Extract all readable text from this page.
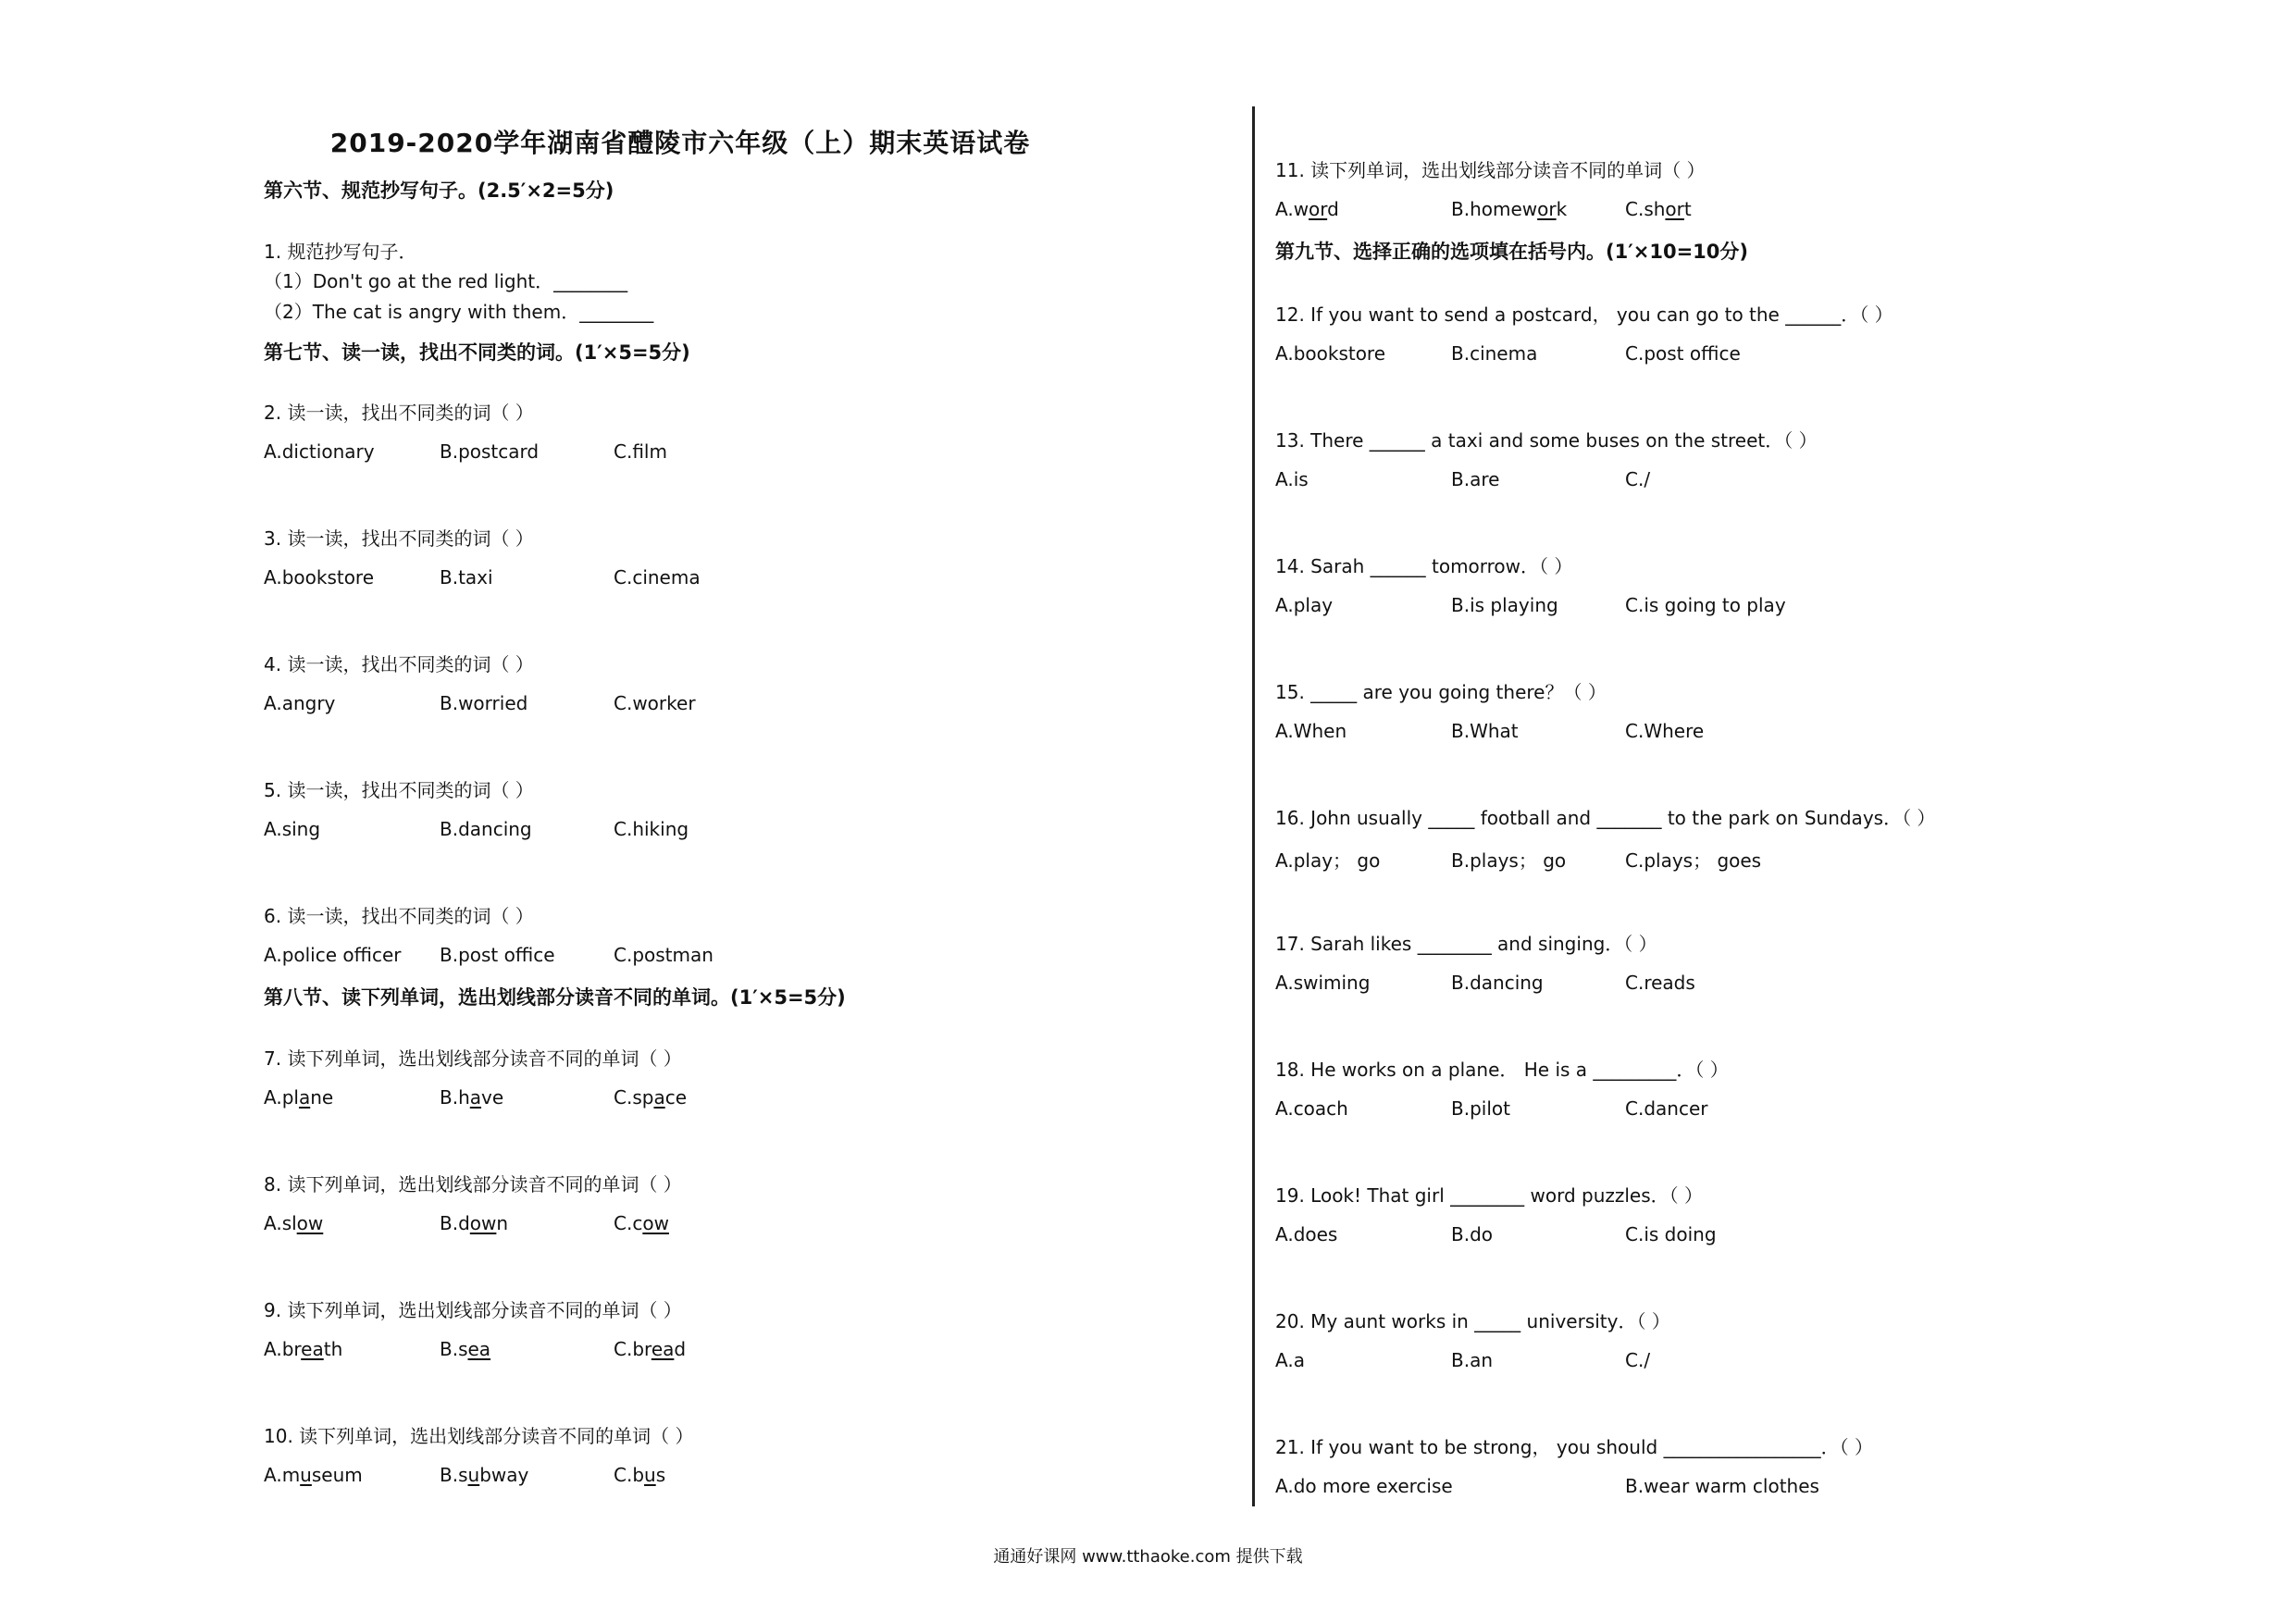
2019-2020学年湖南省醴陵市六年级（上）期末英语试卷
第六节、规范抄写句子。(2.5′×2=5分)
1. 规范抄写句子．
（1）Don't go at the red light．________
（2）The cat is angry with them．________
第七节、读一读，找出不同类的词。(1′×5=5分)
2. 读一读，找出不同类的词（ ）
A.dictionary	B.postcard	C.film
3. 读一读，找出不同类的词（ ）
A.bookstore	B.taxi	C.cinema
4. 读一读，找出不同类的词（ ）
A.angry	B.worried	C.worker
5. 读一读，找出不同类的词（ ）
A.sing	B.dancing	C.hiking
6. 读一读，找出不同类的词（ ）
A.police officer B.post office	C.postman
第八节、读下列单词，选出划线部分读音不同的单词。(1′×5=5分)
7. 读下列单词，选出划线部分读音不同的单词（ ）
A.plane	B.have	C.space
8. 读下列单词，选出划线部分读音不同的单词（ ）
A.slow	B.down	C.cow
9. 读下列单词，选出划线部分读音不同的单词（ ）
A.breath	B.sea	C.bread
10. 读下列单词，选出划线部分读音不同的单词（ ）
A.museum	B.subway	C.bus
11. 读下列单词，选出划线部分读音不同的单词（ ）
A.word	B.homework	C.short
第九节、选择正确的选项填在括号内。(1′×10=10分)
12. If you want to send a postcard， you can go to the ______．（ ）
A.bookstore	B.cinema	C.post office
13. There ______ a taxi and some buses on the street．（ ）
A.is	B.are	C./
14. Sarah ______ tomorrow．（ ）
A.play	B.is playing	C.is going to play
15. _____ are you going there？（ ）
A.When	B.What	C.Where
16. John usually _____ football and _______ to the park on Sundays．（ ）
A.play； go	B.plays； go	C.plays； goes
17. Sarah likes ________ and singing．（ ）
A.swiming	B.dancing	C.reads
18. He works on a plane． He is a _________．（ ）
A.coach	B.pilot	C.dancer
19. Look! That girl ________ word puzzles．（ ）
A.does	B.do	C.is doing
20. My aunt works in _____ university．（ ）
A.a	B.an	C./
21. If you want to be strong， you should _________________．（ ）
A.do more exercise	B.wear warm clothes
通通好课网 www.tthaoke.com 提供下载
